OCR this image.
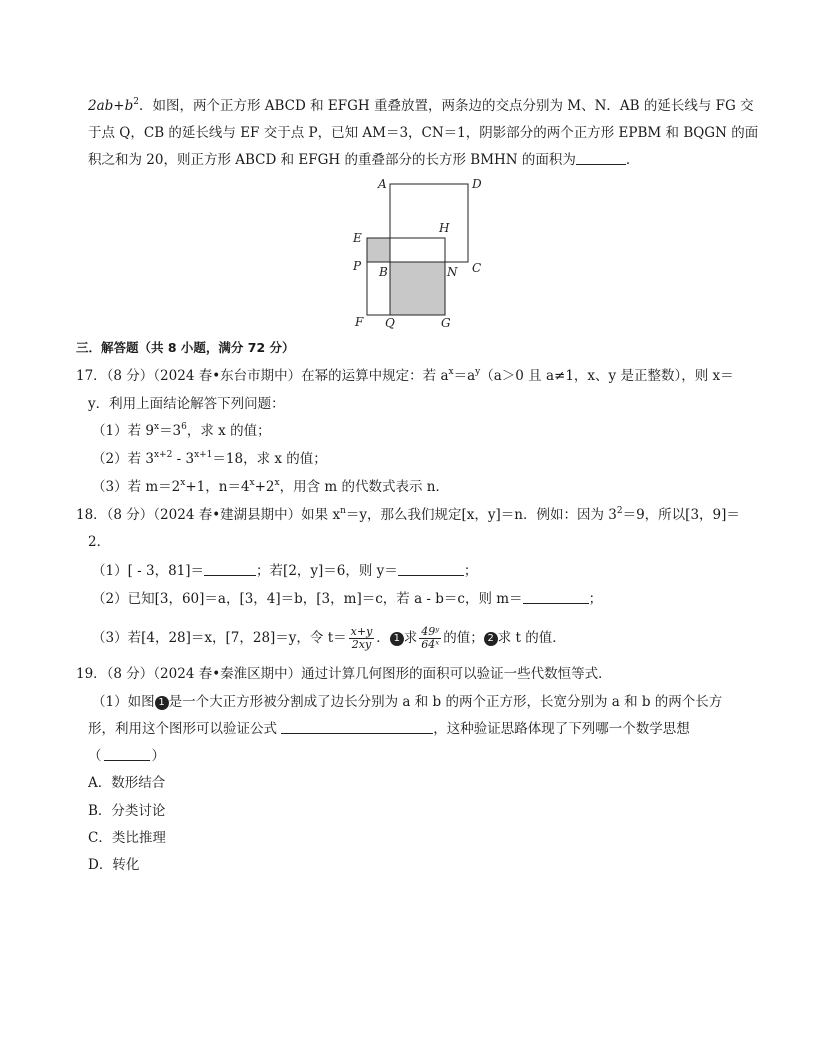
$2ab+b^2$．如图，两个正方形 ABCD 和 EFGH 重叠放置，两条边的交点分别为 M、N．AB 的延长线与 FG 交
于点 Q，CB 的延长线与 EF 交于点 P，已知 AM＝3，CN＝1，阴影部分的两个正方形 EPBM 和 BQGN 的面
积之和为 20，则正方形 ABCD 和 EFGH 的重叠部分的长方形 BMHN 的面积为	．
A	D
E
H
P B	N C
F Q	G
三．解答题（共 8 小题，满分 72 分）
17．（8 分）（2024 春•东台市期中）在幂的运算中规定：若 $a^x=a^y(a>0$ 且 a≠1，x、y 是正整数），则 x＝
y．利用上面结论解答下列问题：
（1）若 $9^x=3^6$，求 x 的值；
（2）若 $3^{x+2} - 3^{x+1}=18$，求 x 的值；
（3）若 $m=2^x+1$，$n=4^x+2^x$，用含 m 的代数式表示 n．
18．（8 分）（2024 春•建湖县期中）如果 $x^n=y$，那么我们规定[x，y]＝n．例如：因为 $3^2=9$，所以[3，9]＝
2．
（1）[ - 3，81]＝	；若[2，y]＝6，则 y＝	；
（2）已知[3，60]＝a，[3，4]＝b，[3，m]＝c，若 a - b＝c，则 m＝	；
（3）若[4，28]＝x，[7，28]＝y，令 $t= \frac{x+y}{2xy}$ ． 1 求 $\frac{\text{49ʸ}}{\text{64ˣ}}$ 的值； 2 求 t 的值．
19．（8 分）（2024 春•秦淮区期中）通过计算几何图形的面积可以验证一些代数恒等式．
（1）如图 1 是一个大正方形被分割成了边长分别为 a 和 b 的两个正方形，长宽分别为 a 和 b 的两个长方
形，利用这个图形可以验证公式	，这种验证思路体现了下列哪一个数学思想
（	）
A．数形结合
B．分类讨论
C．类比推理
D．转化
